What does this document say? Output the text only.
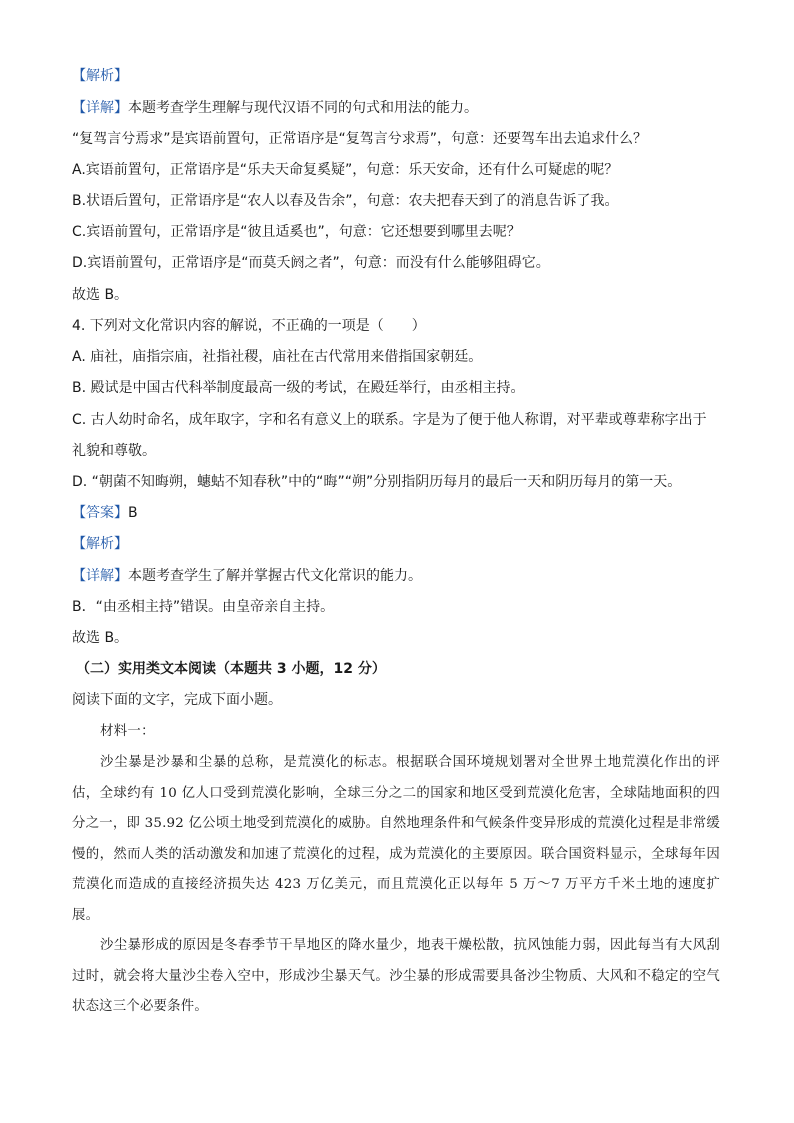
【解析】
【详解】本题考查学生理解与现代汉语不同的句式和用法的能力。
“复驾言兮焉求”是宾语前置句，正常语序是“复驾言兮求焉”，句意：还要驾车出去追求什么？
A.宾语前置句，正常语序是“乐夫天命复奚疑”，句意：乐天安命，还有什么可疑虑的呢？
B.状语后置句，正常语序是“农人以春及告余”，句意：农夫把春天到了的消息告诉了我。
C.宾语前置句，正常语序是“彼且适奚也”，句意：它还想要到哪里去呢？
D.宾语前置句，正常语序是“而莫夭阏之者”，句意：而没有什么能够阻碍它。
故选 B。
4. 下列对文化常识内容的解说，不正确的一项是（　　）
A. 庙社，庙指宗庙，社指社稷，庙社在古代常用来借指国家朝廷。
B. 殿试是中国古代科举制度最高一级的考试，在殿廷举行，由丞相主持。
C. 古人幼时命名，成年取字，字和名有意义上的联系。字是为了便于他人称谓，对平辈或尊辈称字出于礼貌和尊敬。
D. “朝菌不知晦朔，蟪蛄不知春秋”中的“晦”“朔”分别指阴历每月的最后一天和阴历每月的第一天。
【答案】B
【解析】
【详解】本题考查学生了解并掌握古代文化常识的能力。
B．“由丞相主持”错误。由皇帝亲自主持。
故选 B。
（二）实用类文本阅读（本题共 3 小题，12 分）
阅读下面的文字，完成下面小题。
材料一：

沙尘暴是沙暴和尘暴的总称，是荒漠化的标志。根据联合国环境规划署对全世界土地荒漠化作出的评估，全球约有 10 亿人口受到荒漠化影响，全球三分之二的国家和地区受到荒漠化危害，全球陆地面积的四分之一，即 35.92 亿公顷土地受到荒漠化的威胁。自然地理条件和气候条件变异形成的荒漠化过程是非常缓慢的，然而人类的活动激发和加速了荒漠化的过程，成为荒漠化的主要原因。联合国资料显示，全球每年因荒漠化而造成的直接经济损失达 423 万亿美元，而且荒漠化正以每年 5 万～7 万平方千米土地的速度扩展。

沙尘暴形成的原因是冬春季节干旱地区的降水量少，地表干燥松散，抗风蚀能力弱，因此每当有大风刮过时，就会将大量沙尘卷入空中，形成沙尘暴天气。沙尘暴的形成需要具备沙尘物质、大风和不稳定的空气状态这三个必要条件。
